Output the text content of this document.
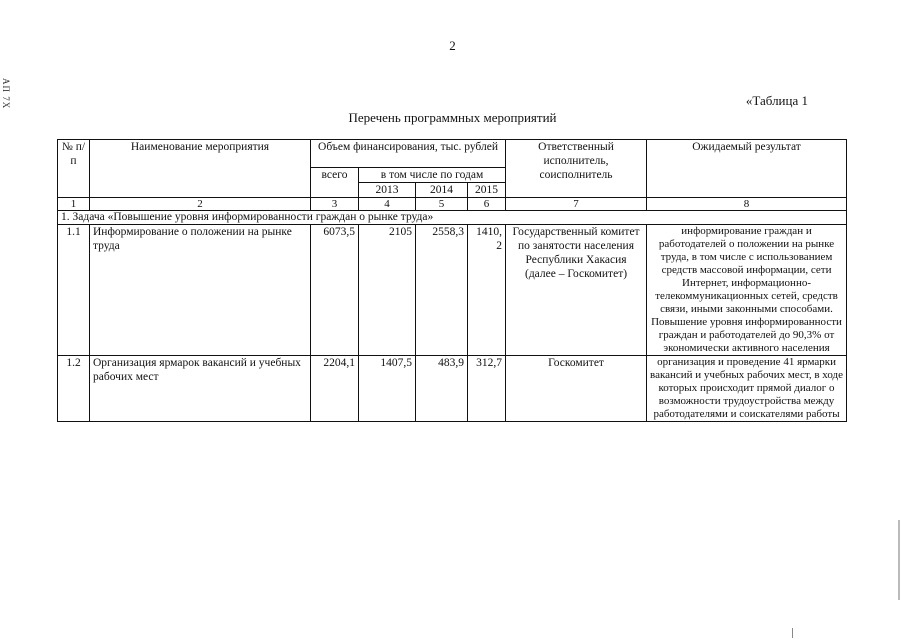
2
АП 7Х	«Таблица 1
Перечень программных мероприятий
№ п/п	Наименование мероприятия	Объем финансирования, тыс. рублей				Ответственный исполнитель, соисполнитель	Ожидаемый результат
		всего	в том числе по годам				
			2013	2014	2015		
1	2	3	4	5	6	7	8
1. Задача «Повышение уровня информированности граждан о рынке труда»							
1.1	Информирование о положении на рынке труда	6073,5	2105	2558,3	1410,2	Государственный комитет по занятости населения Республики Хакасия (далее – Госкомитет)	информирование граждан и работодателей о положении на рынке труда, в том числе с использованием средств массовой информации, сети Интернет, информационно-телекоммуникационных сетей, средств связи, иными законными способами. Повышение уровня информированности граждан и работодателей до 90,3% от экономически активного населения
1.2	Организация ярмарок вакансий и учебных рабочих мест	2204,1	1407,5	483,9	312,7	Госкомитет	организация и проведение 41 ярмарки вакансий и учебных рабочих мест, в ходе которых происходит прямой диалог о возможности трудоустройства между работодателями и соискателями работы
